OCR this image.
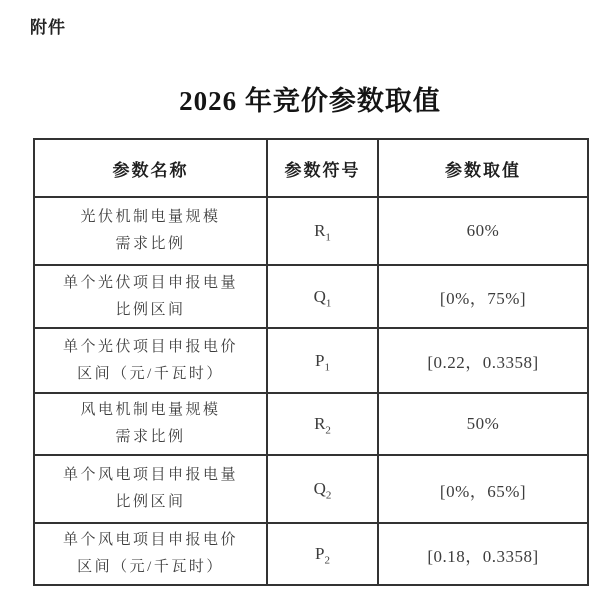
附件
2026 年竞价参数取值
参数名称	参数符号	参数取值

光伏机制电量规模
需求比例	$R_1$	60%

单个光伏项目申报电量
比例区间	$Q_1$	[0%，75%]

单个光伏项目申报电价
区间（元/千瓦时）	$P_1$	[0.22，0.3358]

风电机制电量规模
需求比例	$R_2$	50%

单个风电项目申报电量
比例区间	$Q_2$	[0%，65%]

单个风电项目申报电价
区间（元/千瓦时）	$P_2$	[0.18，0.3358]
